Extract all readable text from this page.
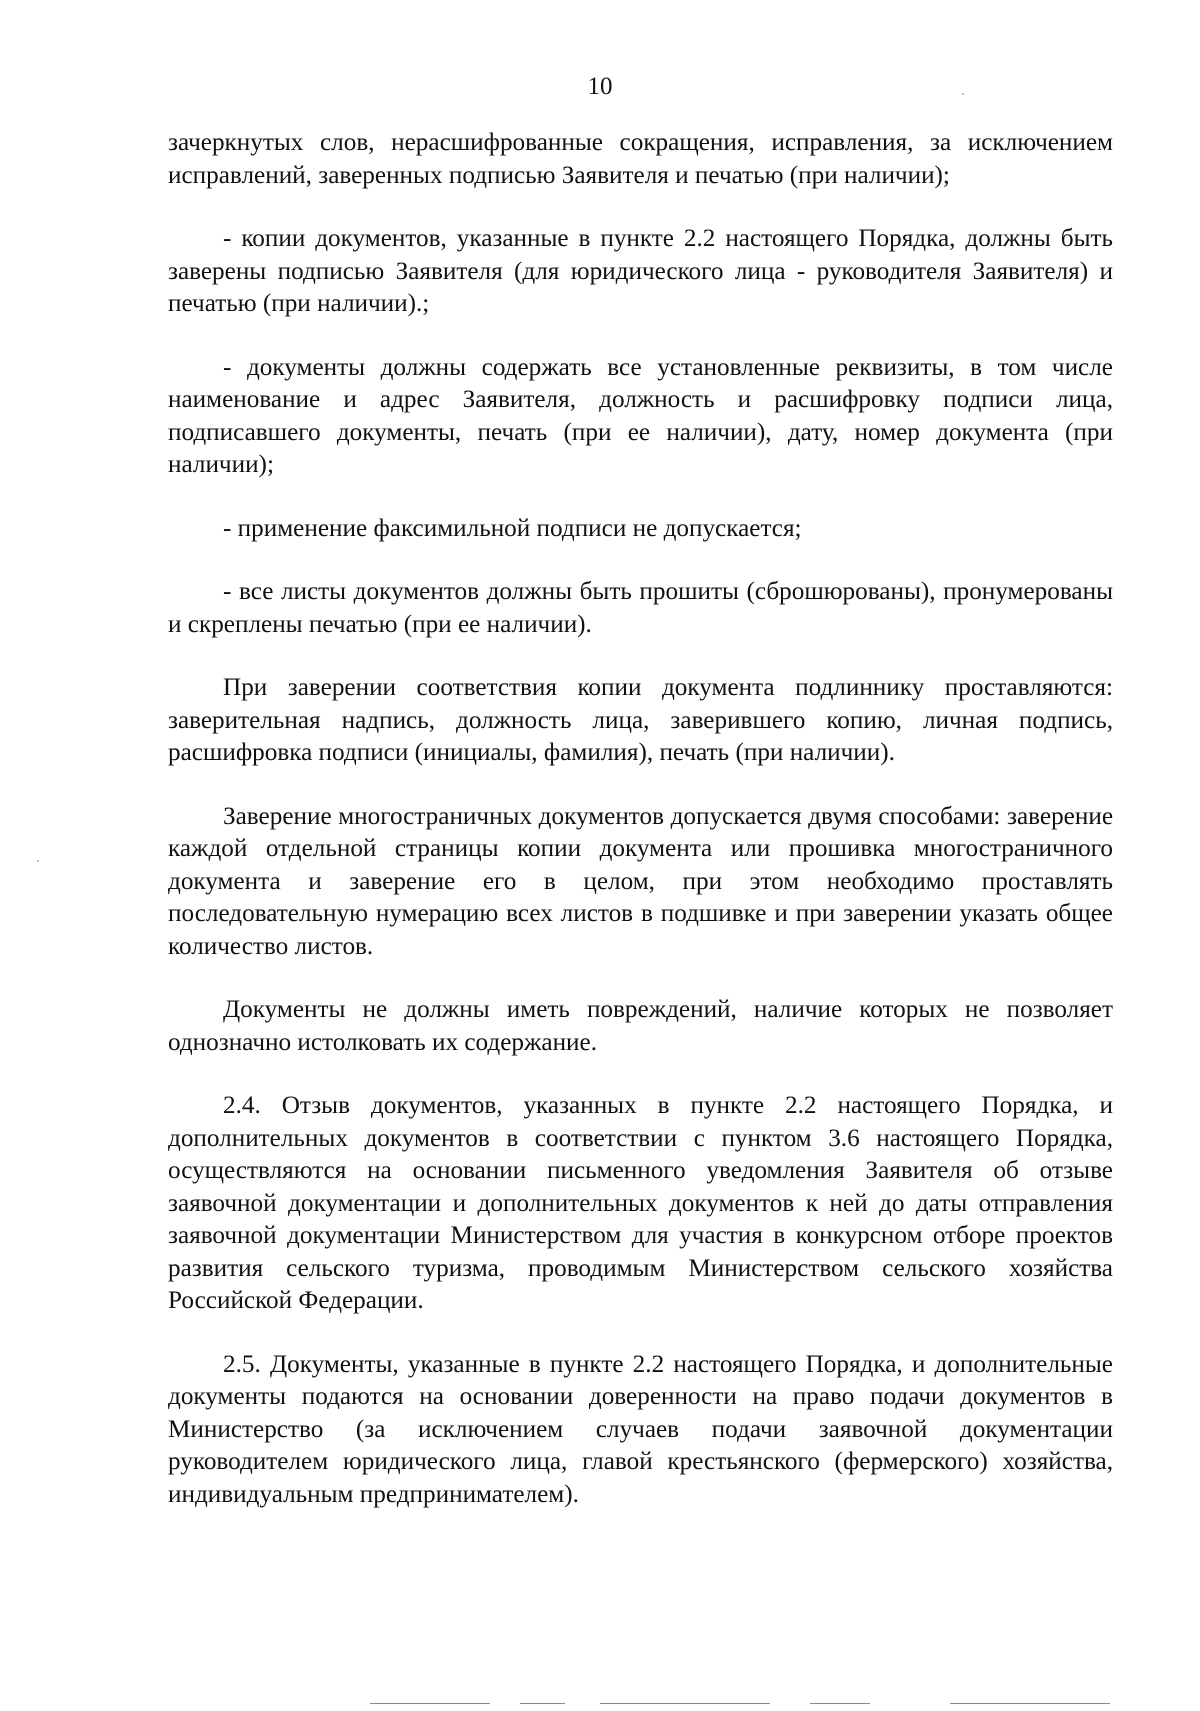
10

зачеркнутых слов, нерасшифрованные сокращения, исправления, за исключением исправлений, заверенных подписью Заявителя и печатью (при наличии);

- копии документов, указанные в пункте 2.2 настоящего Порядка, должны быть заверены подписью Заявителя (для юридического лица - руководителя Заявителя) и печатью (при наличии).;

- документы должны содержать все установленные реквизиты, в том числе наименование и адрес Заявителя, должность и расшифровку подписи лица, подписавшего документы, печать (при ее наличии), дату, номер документа (при наличии);

- применение факсимильной подписи не допускается;

- все листы документов должны быть прошиты (сброшюрованы), пронумерованы и скреплены печатью (при ее наличии).

При заверении соответствия копии документа подлиннику проставляются: заверительная надпись, должность лица, заверившего копию, личная подпись, расшифровка подписи (инициалы, фамилия), печать (при наличии).

Заверение многостраничных документов допускается двумя способами: заверение каждой отдельной страницы копии документа или прошивка многостраничного документа и заверение его в целом, при этом необходимо проставлять последовательную нумерацию всех листов в подшивке и при заверении указать общее количество листов.

Документы не должны иметь повреждений, наличие которых не позволяет однозначно истолковать их содержание.

2.4. Отзыв документов, указанных в пункте 2.2 настоящего Порядка, и дополнительных документов в соответствии с пунктом 3.6 настоящего Порядка, осуществляются на основании письменного уведомления Заявителя об отзыве заявочной документации и дополнительных документов к ней до даты отправления заявочной документации Министерством для участия в конкурсном отборе проектов развития сельского туризма, проводимым Министерством сельского хозяйства Российской Федерации.

2.5. Документы, указанные в пункте 2.2 настоящего Порядка, и дополнительные документы подаются на основании доверенности на право подачи документов в Министерство (за исключением случаев подачи заявочной документации руководителем юридического лица, главой крестьянского (фермерского) хозяйства, индивидуальным предпринимателем).
